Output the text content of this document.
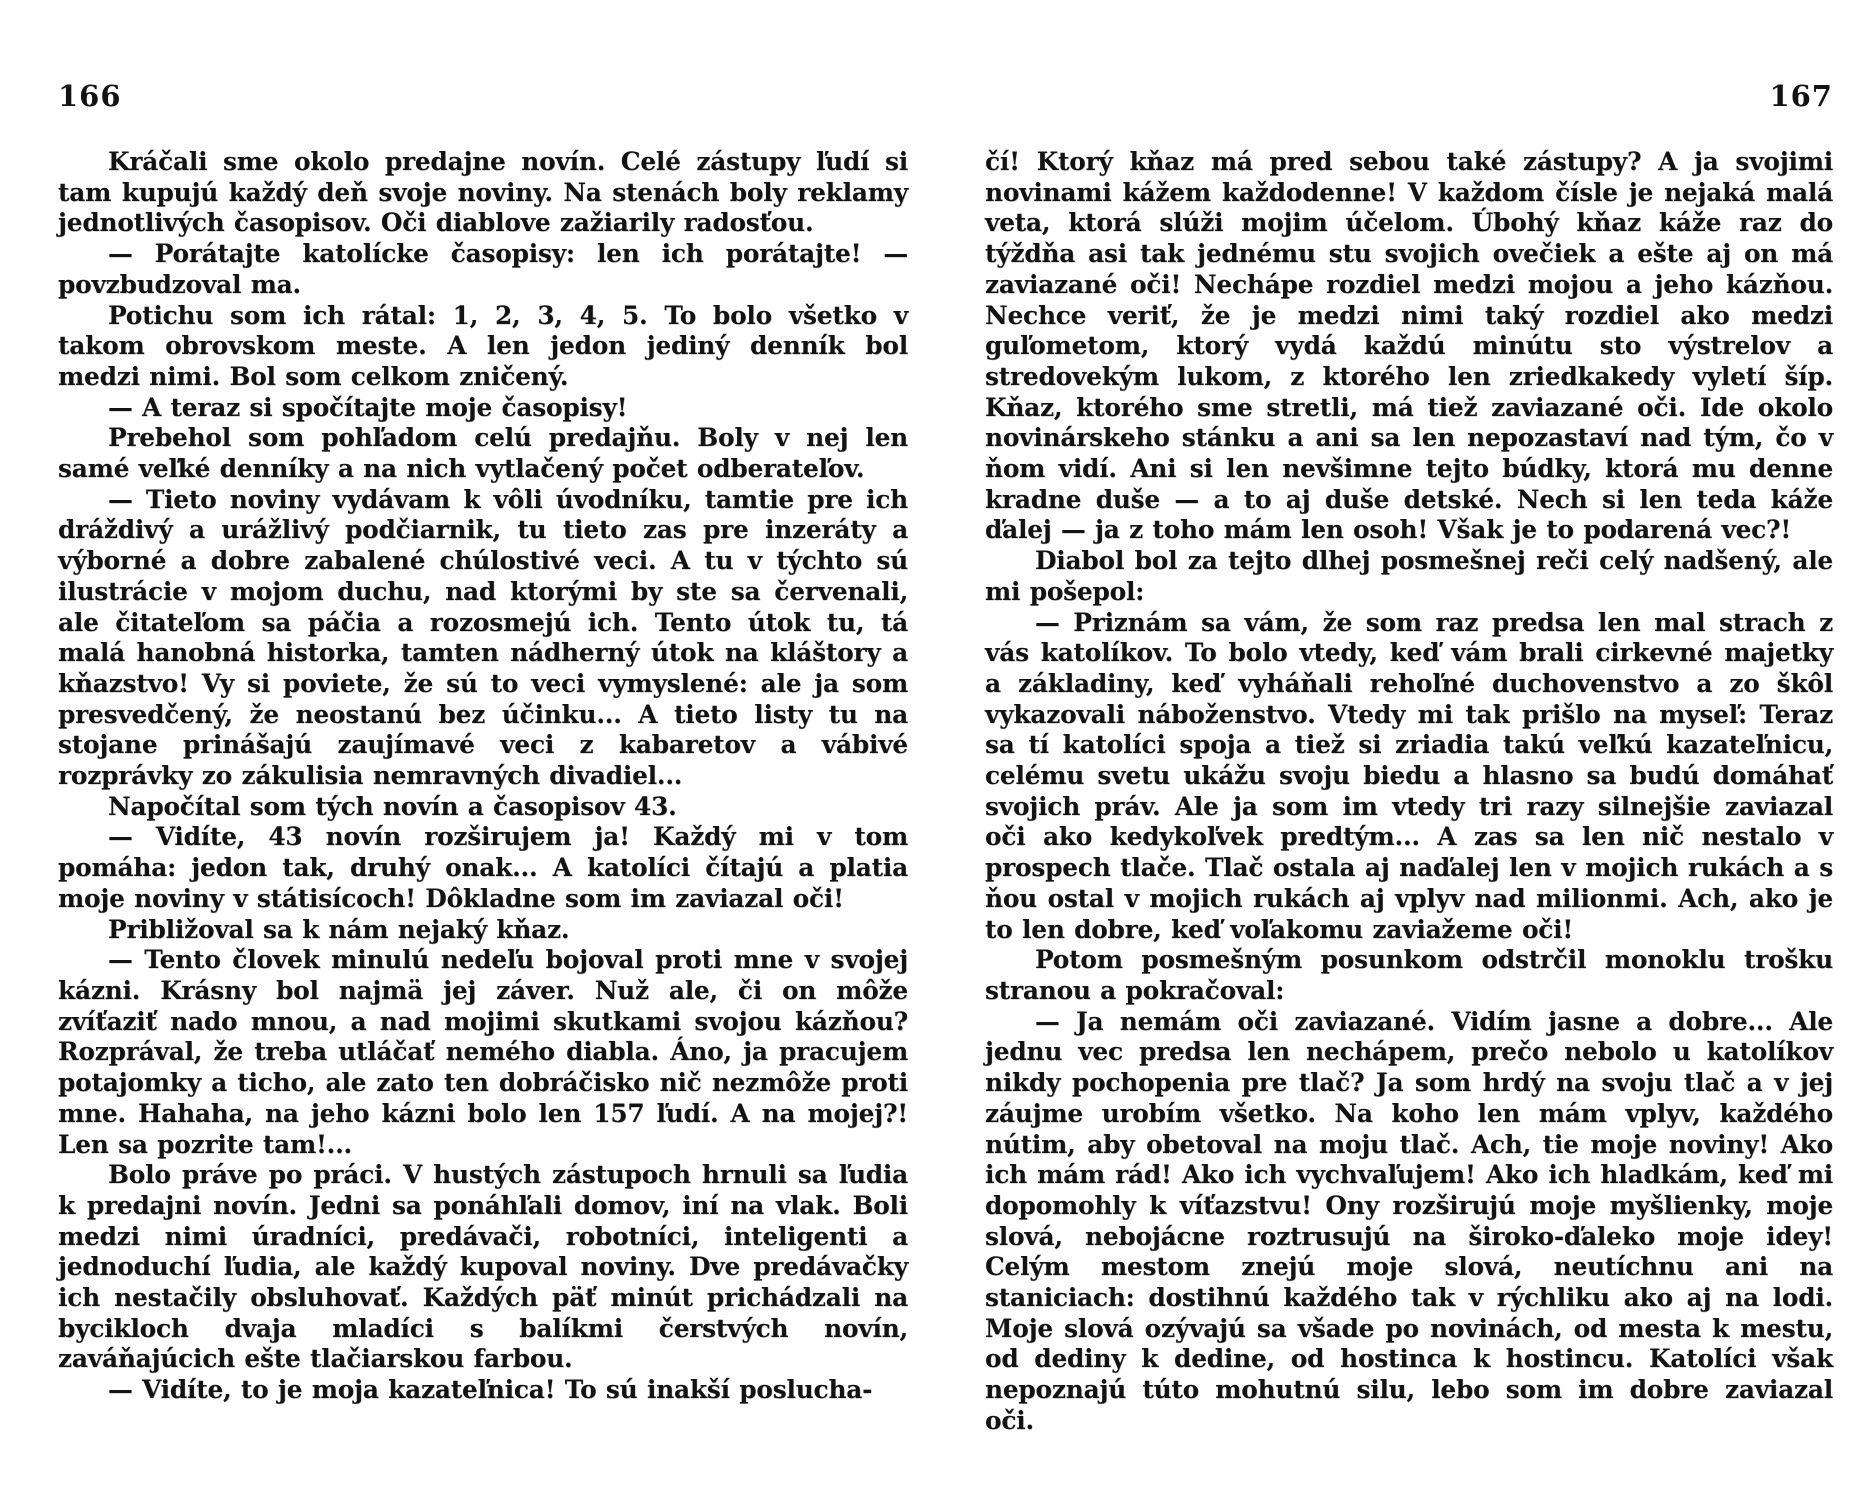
166

Kráčali sme okolo predajne novín. Celé zástupy ľudí si tam kupujú každý deň svoje noviny. Na stenách boly reklamy jednotlivých časopisov. Oči diablove zažiarily radosťou.

— Porátajte katolícke časopisy: len ich porátajte! — povzbudzoval ma.

Potichu som ich rátal: 1, 2, 3, 4, 5. To bolo všetko v takom obrovskom meste. A len jedon jediný denník bol medzi nimi. Bol som celkom zničený.

— A teraz si spočítajte moje časopisy!

Prebehol som pohľadom celú predajňu. Boly v nej len samé veľké denníky a na nich vytlačený počet odberateľov.

— Tieto noviny vydávam k vôli úvodníku, tamtie pre ich dráždivý a urážlivý podčiarnik, tu tieto zas pre inzeráty a výborné a dobre zabalené chúlostivé veci. A tu v týchto sú ilustrácie v mojom duchu, nad ktorými by ste sa červenali, ale čitateľom sa páčia a rozosmejú ich. Tento útok tu, tá malá hanobná historka, tamten nádherný útok na kláštory a kňazstvo! Vy si poviete, že sú to veci vymyslené: ale ja som presvedčený, že neostanú bez účinku... A tieto listy tu na stojane prinášajú zaujímavé veci z kabaretov a vábivé rozprávky zo zákulisia nemravných divadiel...

Napočítal som tých novín a časopisov 43.

— Vidíte, 43 novín rozširujem ja! Každý mi v tom pomáha: jedon tak, druhý onak... A katolíci čítajú a platia moje noviny v státisícoch! Dôkladne som im zaviazal oči!

Približoval sa k nám nejaký kňaz.

— Tento človek minulú nedeľu bojoval proti mne v svojej kázni. Krásny bol najmä jej záver. Nuž ale, či on môže zvíťaziť nado mnou, a nad mojimi skutkami svojou kázňou? Rozprával, že treba utláčať nemého diabla. Áno, ja pracujem potajomky a ticho, ale zato ten dobráčisko nič nezmôže proti mne. Hahaha, na jeho kázni bolo len 157 ľudí. A na mojej?! Len sa pozrite tam!...

Bolo práve po práci. V hustých zástupoch hrnuli sa ľudia k predajni novín. Jedni sa ponáhľali domov, iní na vlak. Boli medzi nimi úradníci, predávači, robotníci, inteligenti a jednoduchí ľudia, ale každý kupoval noviny. Dve predávačky ich nestačily obsluhovať. Každých päť minút prichádzali na bycikloch dvaja mladíci s balíkmi čerstvých novín, zaváňajúcich ešte tlačiarskou farbou.

— Vidíte, to je moja kazateľnica! To sú inakší poslucha-

167

čí! Ktorý kňaz má pred sebou také zástupy? A ja svojimi novinami kážem každodenne! V každom čísle je nejaká malá veta, ktorá slúži mojim účelom. Úbohý kňaz káže raz do týždňa asi tak jednému stu svojich ovečiek a ešte aj on má zaviazané oči! Nechápe rozdiel medzi mojou a jeho kázňou. Nechce veriť, že je medzi nimi taký rozdiel ako medzi guľometom, ktorý vydá každú minútu sto výstrelov a stredovekým lukom, z ktorého len zriedkakedy vyletí šíp. Kňaz, ktorého sme stretli, má tiež zaviazané oči. Ide okolo novinárskeho stánku a ani sa len nepozastaví nad tým, čo v ňom vidí. Ani si len nevšimne tejto búdky, ktorá mu denne kradne duše — a to aj duše detské. Nech si len teda káže ďalej — ja z toho mám len osoh! Však je to podarená vec?!

Diabol bol za tejto dlhej posmešnej reči celý nadšený, ale mi pošepol:

— Priznám sa vám, že som raz predsa len mal strach z vás katolíkov. To bolo vtedy, keď vám brali cirkevné majetky a základiny, keď vyháňali rehoľné duchovenstvo a zo škôl vykazovali náboženstvo. Vtedy mi tak prišlo na myseľ: Teraz sa tí katolíci spoja a tiež si zriadia takú veľkú kazateľnicu, celému svetu ukážu svoju biedu a hlasno sa budú domáhať svojich práv. Ale ja som im vtedy tri razy silnejšie zaviazal oči ako kedykoľvek predtým... A zas sa len nič nestalo v prospech tlače. Tlač ostala aj naďalej len v mojich rukách a s ňou ostal v mojich rukách aj vplyv nad milionmi. Ach, ako je to len dobre, keď voľakomu zaviažeme oči!

Potom posmešným posunkom odstrčil monoklu trošku stranou a pokračoval:

— Ja nemám oči zaviazané. Vidím jasne a dobre... Ale jednu vec predsa len nechápem, prečo nebolo u katolíkov nikdy pochopenia pre tlač? Ja som hrdý na svoju tlač a v jej záujme urobím všetko. Na koho len mám vplyv, každého nútim, aby obetoval na moju tlač. Ach, tie moje noviny! Ako ich mám rád! Ako ich vychvaľujem! Ako ich hladkám, keď mi dopomohly k víťazstvu! Ony rozširujú moje myšlienky, moje slová, nebojácne roztrusujú na široko-ďaleko moje idey! Celým mestom znejú moje slová, neutíchnu ani na staniciach: dostihnú každého tak v rýchliku ako aj na lodi. Moje slová ozývajú sa všade po novinách, od mesta k mestu, od dediny k dedine, od hostinca k hostincu. Katolíci však nepoznajú túto mohutnú silu, lebo som im dobre zaviazal oči.
